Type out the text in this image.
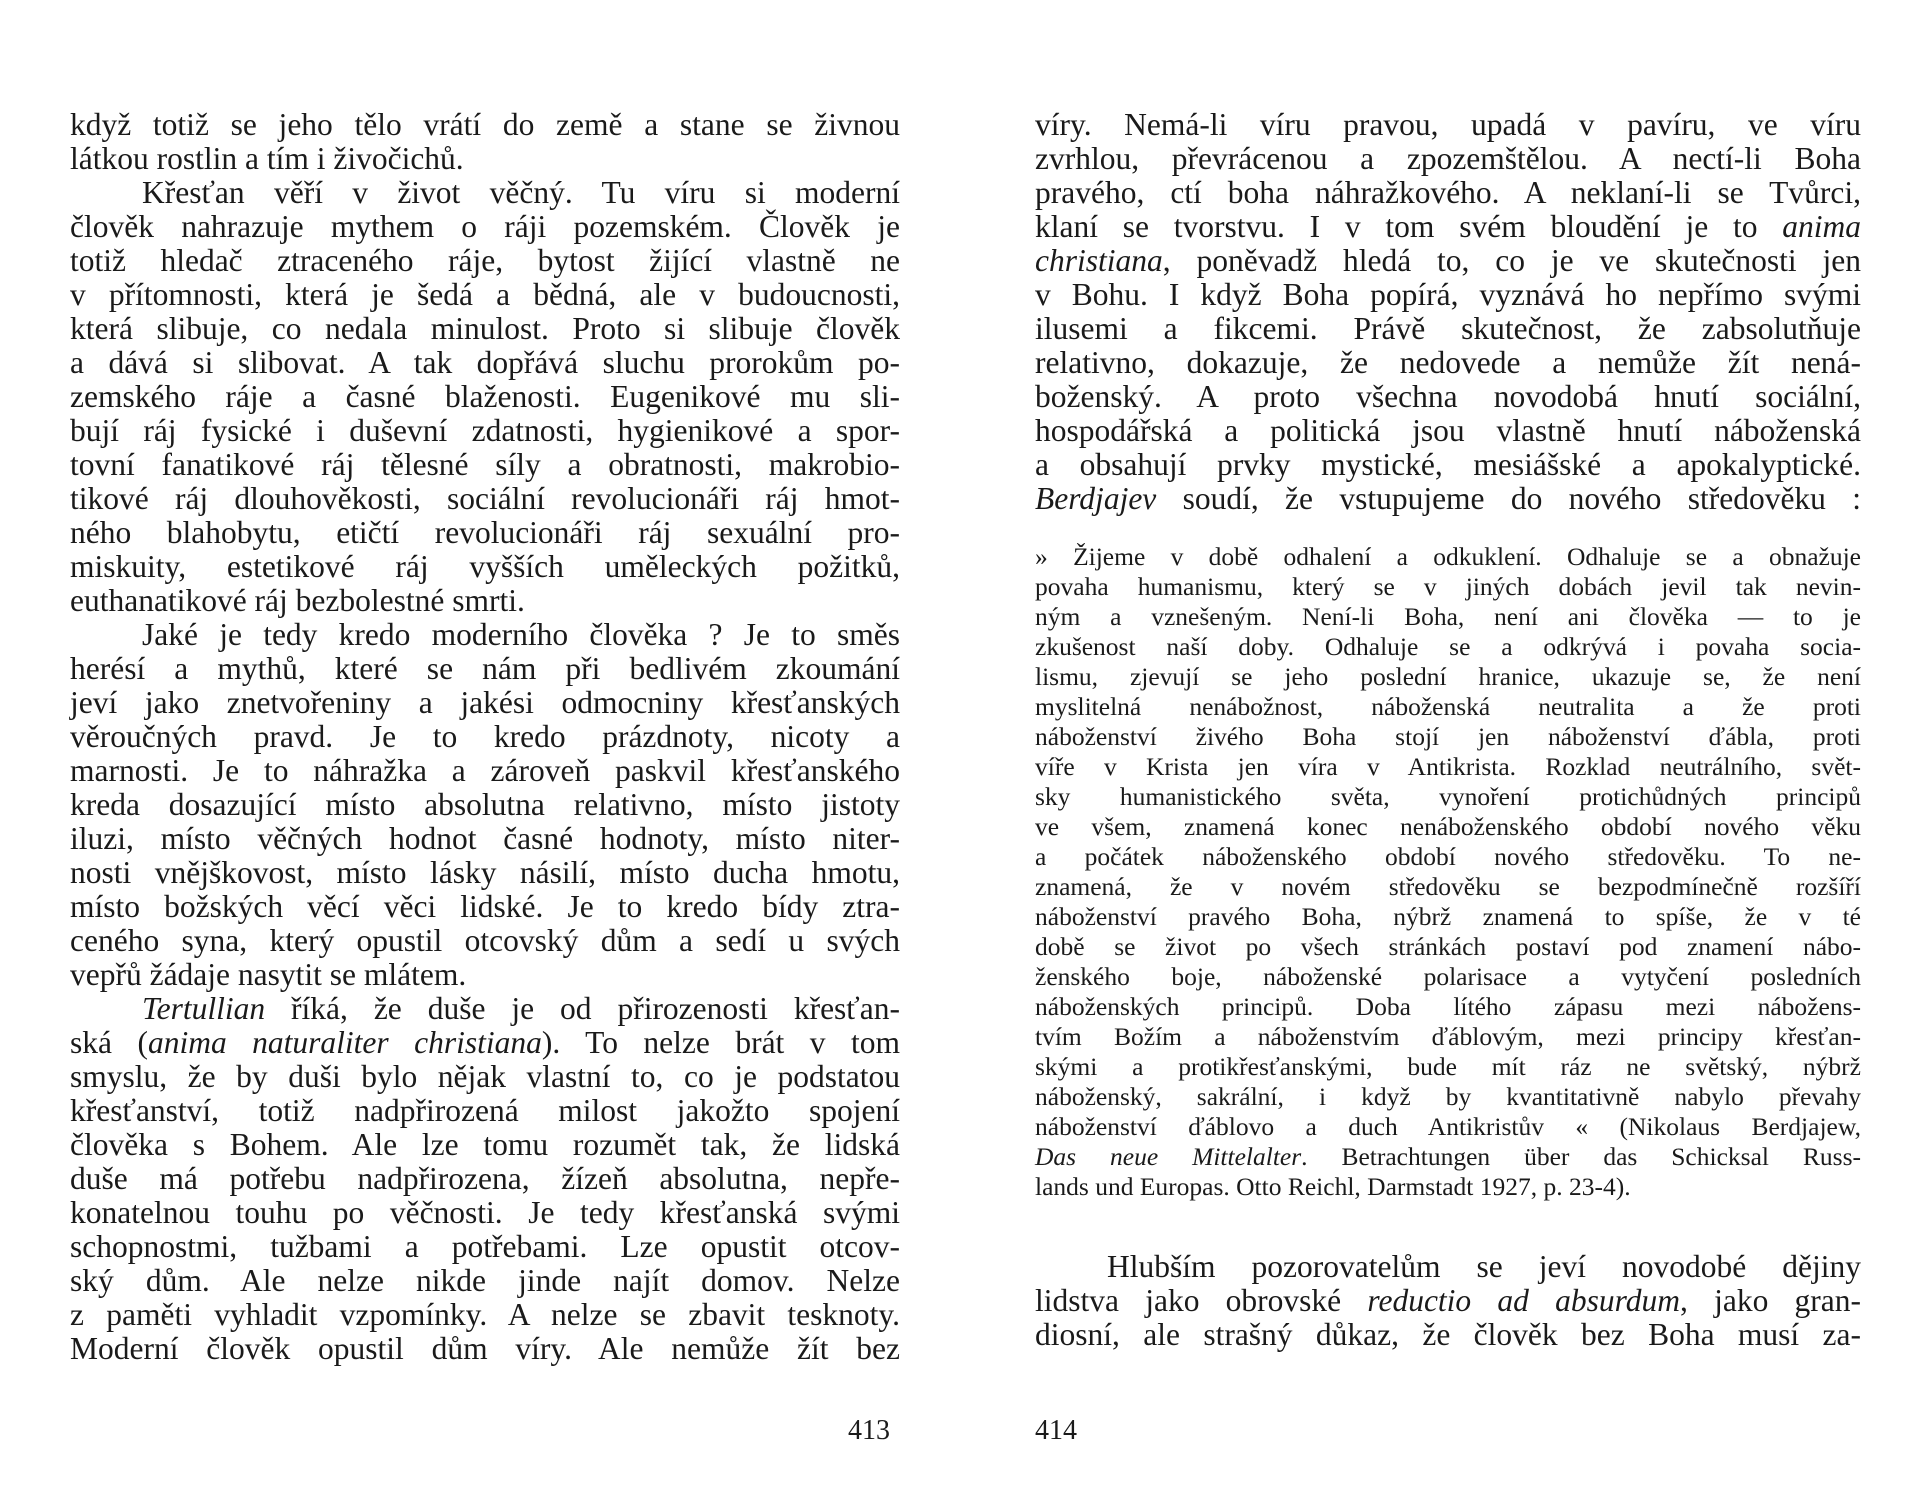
když totiž se jeho tělo vrátí do země a stane se živnou
látkou rostlin a tím i živočichů.
Křesťan věří v život věčný. Tu víru si moderní
člověk nahrazuje mythem o ráji pozemském. Člověk je
totiž hledač ztraceného ráje, bytost žijící vlastně ne
v přítomnosti, která je šedá a bědná, ale v budoucnosti,
která slibuje, co nedala minulost. Proto si slibuje člověk
a dává si slibovat. A tak dopřává sluchu prorokům po-
zemského ráje a časné blaženosti. Eugenikové mu sli-
bují ráj fysické i duševní zdatnosti, hygienikové a spor-
tovní fanatikové ráj tělesné síly a obratnosti, makrobio-
tikové ráj dlouhověkosti, sociální revolucionáři ráj hmot-
ného blahobytu, etičtí revolucionáři ráj sexuální pro-
miskuity, estetikové ráj vyšších uměleckých požitků,
euthanatikové ráj bezbolestné smrti.
Jaké je tedy kredo moderního člověka ? Je to směs
herésí a mythů, které se nám při bedlivém zkoumání
jeví jako znetvořeniny a jakési odmocniny křesťanských
věroučných pravd. Je to kredo prázdnoty, nicoty a
marnosti. Je to náhražka a zároveň paskvil křesťanského
kreda dosazující místo absolutna relativno, místo jistoty
iluzi, místo věčných hodnot časné hodnoty, místo niter-
nosti vnějškovost, místo lásky násilí, místo ducha hmotu,
místo božských věcí věci lidské. Je to kredo bídy ztra-
ceného syna, který opustil otcovský dům a sedí u svých
vepřů žádaje nasytit se mlátem.
Tertullian říká, že duše je od přirozenosti křesťan-
ská (anima naturaliter christiana). To nelze brát v tom
smyslu, že by duši bylo nějak vlastní to, co je podstatou
křesťanství, totiž nadpřirozená milost jakožto spojení
člověka s Bohem. Ale lze tomu rozumět tak, že lidská
duše má potřebu nadpřirozena, žízeň absolutna, nepře-
konatelnou touhu po věčnosti. Je tedy křesťanská svými
schopnostmi, tužbami a potřebami. Lze opustit otcov-
ský dům. Ale nelze nikde jinde najít domov. Nelze
z paměti vyhladit vzpomínky. A nelze se zbavit tesknoty.
Moderní člověk opustil dům víry. Ale nemůže žít bez
víry. Nemá-li víru pravou, upadá v pavíru, ve víru
zvrhlou, převrácenou a zpozemštělou. A nectí-li Boha
pravého, ctí boha náhražkového. A neklaní-li se Tvůrci,
klaní se tvorstvu. I v tom svém bloudění je to anima
christiana, poněvadž hledá to, co je ve skutečnosti jen
v Bohu. I když Boha popírá, vyznává ho nepřímo svými
ilusemi a fikcemi. Právě skutečnost, že zabsolutňuje
relativno, dokazuje, že nedovede a nemůže žít nená-
boženský. A proto všechna novodobá hnutí sociální,
hospodářská a politická jsou vlastně hnutí náboženská
a obsahují prvky mystické, mesiášské a apokalyptické.
Berdjajev soudí, že vstupujeme do nového středověku :
» Žijeme v době odhalení a odkuklení. Odhaluje se a obnažuje
povaha humanismu, který se v jiných dobách jevil tak nevin-
ným a vznešeným. Není-li Boha, není ani člověka — to je
zkušenost naší doby. Odhaluje se a odkrývá i povaha socia-
lismu, zjevují se jeho poslední hranice, ukazuje se, že není
myslitelná nenábožnost, náboženská neutralita a že proti
náboženství živého Boha stojí jen náboženství ďábla, proti
víře v Krista jen víra v Antikrista. Rozklad neutrálního, svět-
sky humanistického světa, vynoření protichůdných principů
ve všem, znamená konec nenáboženského období nového věku
a počátek náboženského období nového středověku. To ne-
znamená, že v novém středověku se bezpodmínečně rozšíří
náboženství pravého Boha, nýbrž znamená to spíše, že v té
době se život po všech stránkách postaví pod znamení nábo-
ženského boje, náboženské polarisace a vytyčení posledních
náboženských principů. Doba lítého zápasu mezi nábožens-
tvím Božím a náboženstvím ďáblovým, mezi principy křesťan-
skými a protikřesťanskými, bude mít ráz ne světský, nýbrž
náboženský, sakrální, i když by kvantitativně nabylo převahy
náboženství ďáblovo a duch Antikristův « (Nikolaus Berdjajew,
Das neue Mittelalter. Betrachtungen über das Schicksal Russ-
lands und Europas. Otto Reichl, Darmstadt 1927, p. 23-4).
Hlubším pozorovatelům se jeví novodobé dějiny
lidstva jako obrovské reductio ad absurdum, jako gran-
diosní, ale strašný důkaz, že člověk bez Boha musí za-
413	414
